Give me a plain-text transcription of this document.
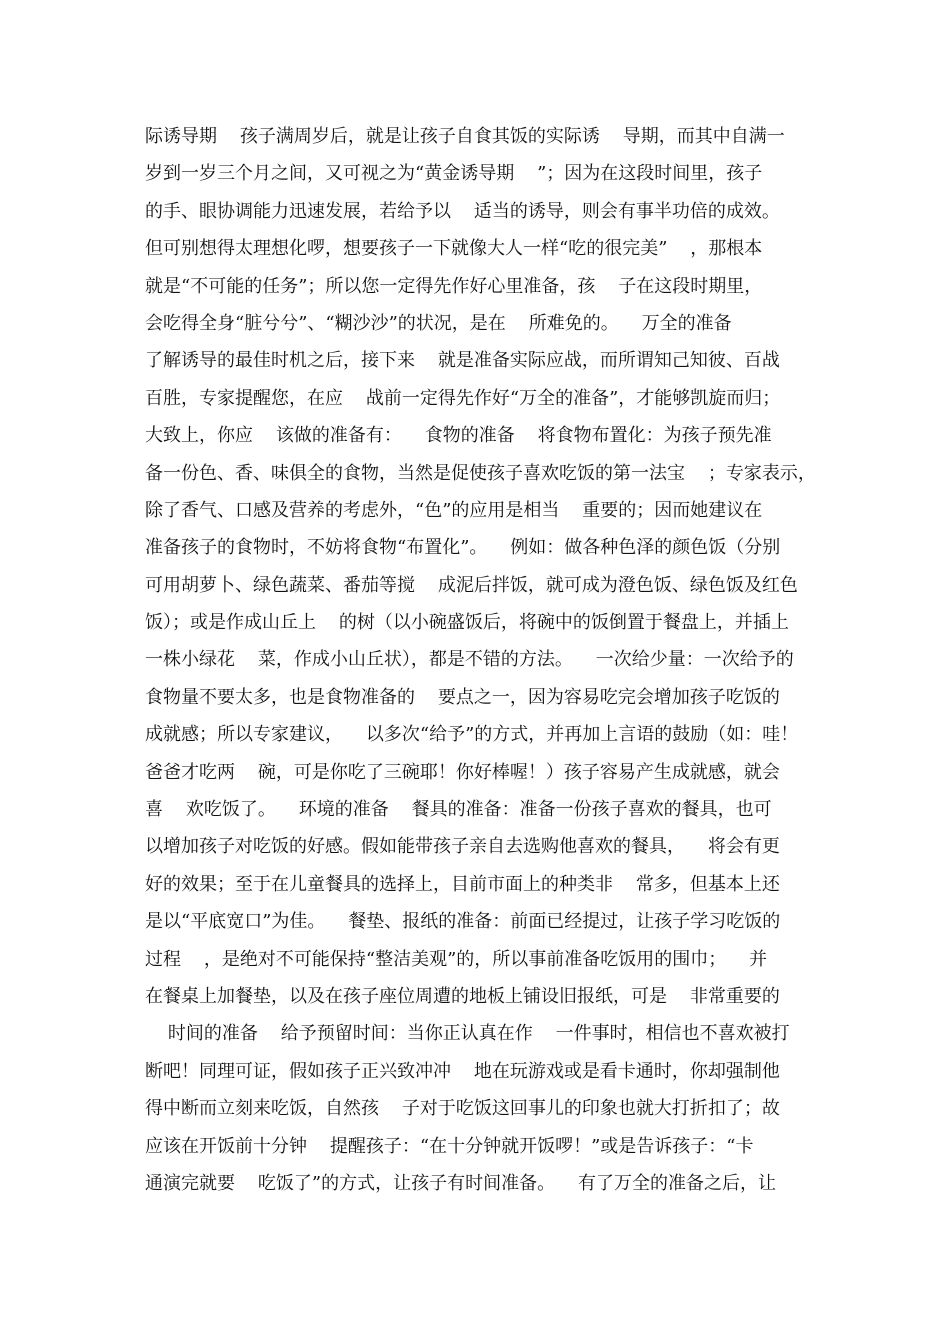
际诱导期    孩子满周岁后，就是让孩子自食其饭的实际诱    导期，而其中自满一
岁到一岁三个月之间，又可视之为“黄金诱导期    ”；因为在这段时间里，孩子
的手、眼协调能力迅速发展，若给予以    适当的诱导，则会有事半功倍的成效。
但可别想得太理想化啰，想要孩子一下就像大人一样“吃的很完美”    ，那根本
就是“不可能的任务”；所以您一定得先作好心里准备，孩    子在这段时期里，
会吃得全身“脏兮兮”、“糊沙沙”的状况，是在    所难免的。    万全的准备
了解诱导的最佳时机之后，接下来    就是准备实际应战，而所谓知己知彼、百战
百胜，专家提醒您，在应    战前一定得先作好“万全的准备”，才能够凯旋而归；
大致上，你应    该做的准备有：    食物的准备    将食物布置化：为孩子预先准
备一份色、香、味俱全的食物，当然是促使孩子喜欢吃饭的第一法宝    ；专家表示，
除了香气、口感及营养的考虑外，“色”的应用是相当    重要的；因而她建议在
准备孩子的食物时，不妨将食物“布置化”。    例如：做各种色泽的颜色饭（分别
可用胡萝卜、绿色蔬菜、番茄等搅    成泥后拌饭，就可成为澄色饭、绿色饭及红色
饭）；或是作成山丘上    的树（以小碗盛饭后，将碗中的饭倒置于餐盘上，并插上
一株小绿花    菜，作成小山丘状），都是不错的方法。    一次给少量：一次给予的
食物量不要太多，也是食物准备的    要点之一，因为容易吃完会增加孩子吃饭的
成就感；所以专家建议，    以多次“给予”的方式，并再加上言语的鼓励（如：哇！
爸爸才吃两    碗，可是你吃了三碗耶！你好棒喔！）孩子容易产生成就感，就会
喜    欢吃饭了。    环境的准备    餐具的准备：准备一份孩子喜欢的餐具，也可
以增加孩子对吃饭的好感。假如能带孩子亲自去选购他喜欢的餐具，    将会有更
好的效果；至于在儿童餐具的选择上，目前市面上的种类非    常多，但基本上还
是以“平底宽口”为佳。    餐垫、报纸的准备：前面已经提过，让孩子学习吃饭的
过程    ，是绝对不可能保持“整洁美观”的，所以事前准备吃饭用的围巾；    并
在餐桌上加餐垫，以及在孩子座位周遭的地板上铺设旧报纸，可是    非常重要的
时间的准备    给予预留时间：当你正认真在作    一件事时，相信也不喜欢被打
断吧！同理可证，假如孩子正兴致冲冲    地在玩游戏或是看卡通时，你却强制他
得中断而立刻来吃饭，自然孩    子对于吃饭这回事儿的印象也就大打折扣了；故
应该在开饭前十分钟    提醒孩子：“在十分钟就开饭啰！”或是告诉孩子：“卡
通演完就要    吃饭了”的方式，让孩子有时间准备。    有了万全的准备之后，让
